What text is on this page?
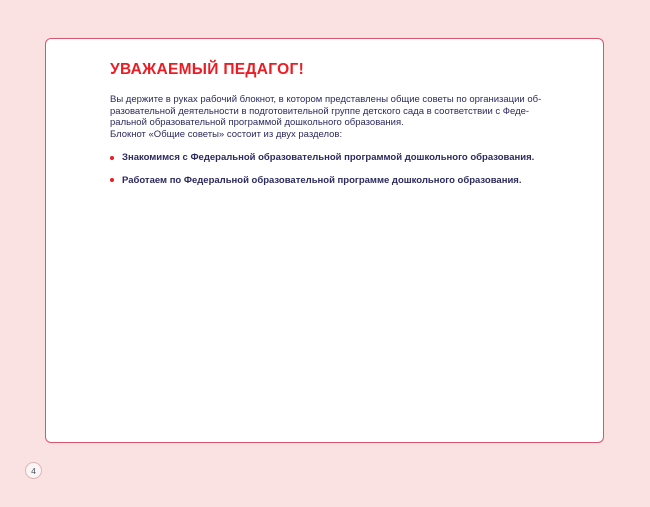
УВАЖАЕМЫЙ ПЕДАГОГ!
Вы держите в руках рабочий блокнот, в котором представлены общие советы по организации об-
разовательной деятельности в подготовительной группе детского сада в соответствии с Феде-
ральной образовательной программой дошкольного образования.
Блокнот «Общие советы» состоит из двух разделов:
Знакомимся с Федеральной образовательной программой дошкольного образования.
Работаем по Федеральной образовательной программе дошкольного образования.
4
